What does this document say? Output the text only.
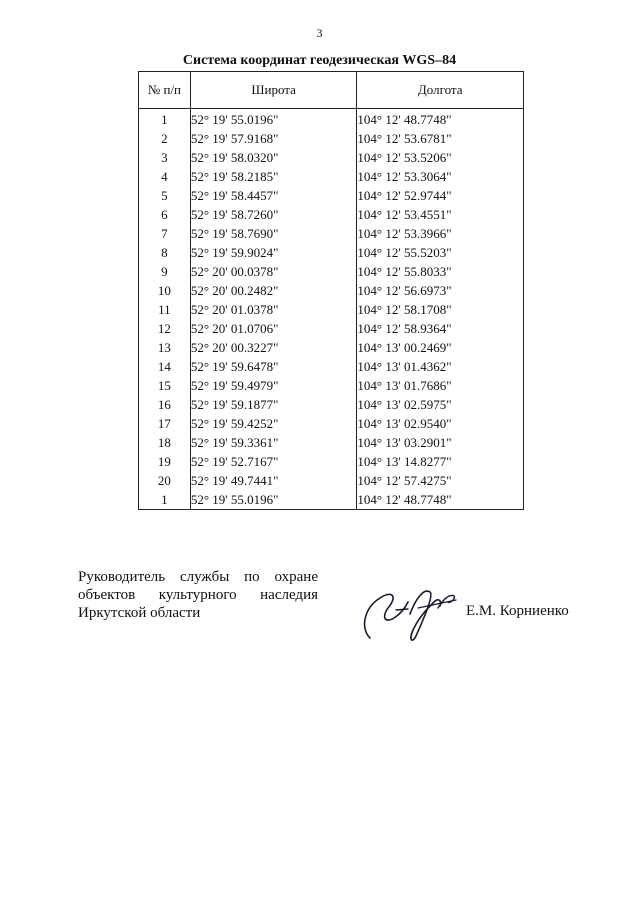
3
Система координат геодезическая WGS–84
№ п/п	Широта	Долгота
1	52° 19' 55.0196"	104° 12' 48.7748"
2	52° 19' 57.9168"	104° 12' 53.6781"
3	52° 19' 58.0320"	104° 12' 53.5206"
4	52° 19' 58.2185"	104° 12' 53.3064"
5	52° 19' 58.4457"	104° 12' 52.9744"
6	52° 19' 58.7260"	104° 12' 53.4551"
7	52° 19' 58.7690"	104° 12' 53.3966"
8	52° 19' 59.9024"	104° 12' 55.5203"
9	52° 20' 00.0378"	104° 12' 55.8033"
10	52° 20' 00.2482"	104° 12' 56.6973"
11	52° 20' 01.0378"	104° 12' 58.1708"
12	52° 20' 01.0706"	104° 12' 58.9364"
13	52° 20' 00.3227"	104° 13' 00.2469"
14	52° 19' 59.6478"	104° 13' 01.4362"
15	52° 19' 59.4979"	104° 13' 01.7686"
16	52° 19' 59.1877"	104° 13' 02.5975"
17	52° 19' 59.4252"	104° 13' 02.9540"
18	52° 19' 59.3361"	104° 13' 03.2901"
19	52° 19' 52.7167"	104° 13' 14.8277"
20	52° 19' 49.7441"	104° 12' 57.4275"
1	52° 19' 55.0196"	104° 12' 48.7748"
Руководитель службы по охране
объектов культурного наследия
Иркутской области	Е.М. Корниенко
